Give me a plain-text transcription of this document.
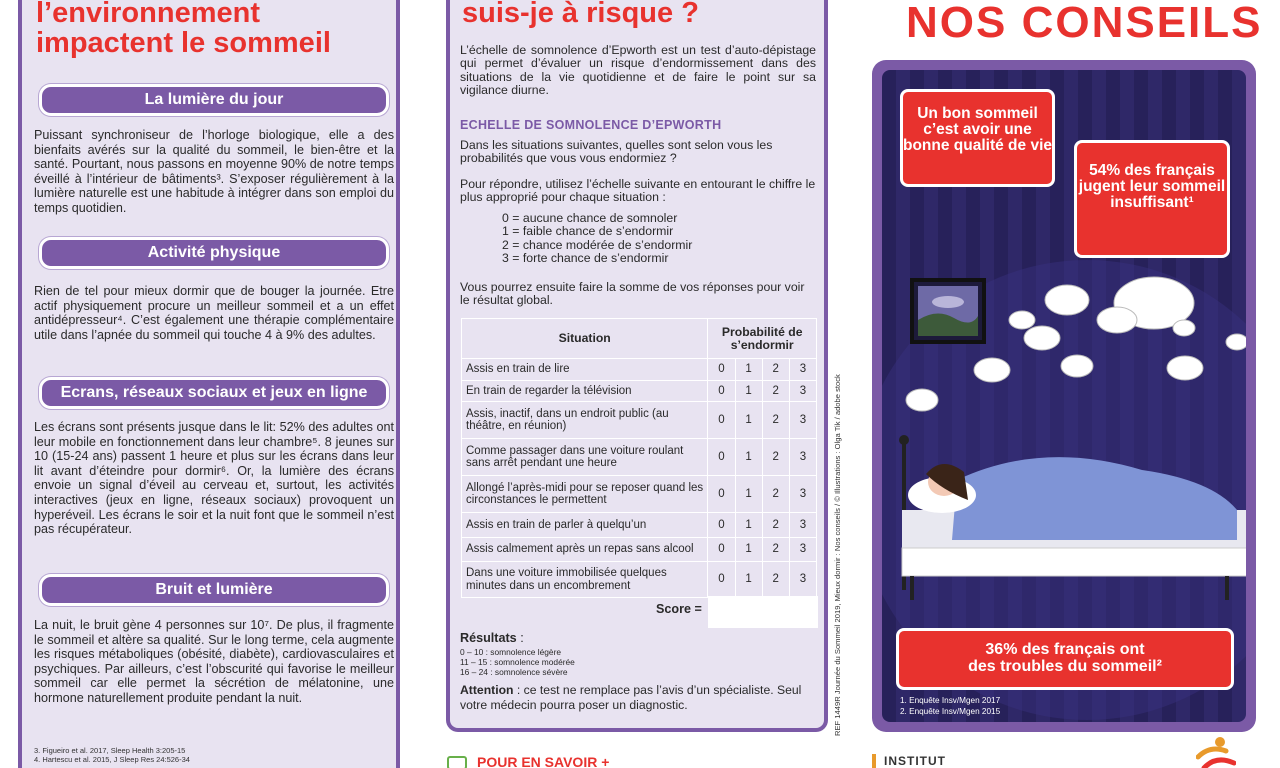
l’environnement
impactent le sommeil
La lumière du jour
Puissant synchroniseur de l’horloge biologique, elle a des bienfaits avérés sur la qualité du sommeil, le bien-être et la santé. Pourtant, nous passons en moyenne 90% de notre temps éveillé à l’intérieur de bâtiments³. S’exposer régulièrement à la lumière naturelle est une habitude à intégrer dans son emploi du temps quotidien.
Activité physique
Rien de tel pour mieux dormir que de bouger la journée. Etre actif physiquement procure un meilleur sommeil et a un effet antidépresseur⁴. C’est également une thérapie complémentaire utile dans l’apnée du sommeil qui touche 4 à 9% des adultes.
Ecrans, réseaux sociaux et jeux en ligne
Les écrans sont présents jusque dans le lit: 52% des adultes ont leur mobile en fonctionnement dans leur chambre⁵. 8 jeunes sur 10 (15-24 ans) passent 1 heure et plus sur les écrans dans leur lit avant d’éteindre pour dormir⁶. Or, la lumière des écrans envoie un signal d’éveil au cerveau et, surtout, les activités interactives (jeux en ligne, réseaux sociaux) provoquent un hyperéveil. Les écrans le soir et la nuit font que le sommeil n’est pas récupérateur.
Bruit et lumière
La nuit, le bruit gène 4 personnes sur 10⁷. De plus, il fragmente le sommeil et altère sa qualité. Sur le long terme, cela augmente les risques métaboliques (obésité, diabète), cardiovasculaires et psychiques. Par ailleurs, c’est l’obscurité qui favorise le meilleur sommeil car elle permet la sécrétion de mélatonine, une hormone naturellement produite pendant la nuit.
3. Figueiro et al. 2017, Sleep Health 3:205-15
4. Hartescu et al. 2015, J Sleep Res 24:526-34
suis-je à risque ?
L’échelle de somnolence d’Epworth est un test d’auto-dépistage qui permet d’évaluer un risque d’endormissement dans des situations de la vie quotidienne et de faire le point sur sa vigilance diurne.
ECHELLE DE SOMNOLENCE D’EPWORTH
Dans les situations suivantes, quelles sont selon vous les probabilités que vous vous endormiez ?
Pour répondre, utilisez l’échelle suivante en entourant le chiffre le plus approprié pour chaque situation :
0 = aucune chance de somnoler
1 = faible chance de s’endormir
2 = chance modérée de s’endormir
3 = forte chance de s’endormir
Vous pourrez ensuite faire la somme de vos réponses pour voir le résultat global.
Situation	Probabilité de
s’endormir			

Assis en train de lire	0	1	2	3
En train de regarder la télévision	0	1	2	3
Assis, inactif, dans un endroit public (au théâtre, en réunion)	0	1	2	3
Comme passager dans une voiture roulant sans arrêt pendant une heure	0	1	2	3
Allongé l’après-midi pour se reposer quand les circonstances le permettent	0	1	2	3
Assis en train de parler à quelqu’un	0	1	2	3
Assis calmement après un repas sans alcool	0	1	2	3
Dans une voiture immobilisée quelques minutes dans un encombrement	0	1	2	3
Score =
Résultats :
0 – 10 : somnolence légère
11 – 15 : somnolence modérée
16 – 24 : somnolence sévère
Attention : ce test ne remplace pas l’avis d’un spécialiste. Seul votre médecin pourra poser un diagnostic.	REF 1449R Journée du Sommeil 2019, Mieux dormir : Nos conseils / © Illustrations : Olga Tik / adobe stock
POUR EN SAVOIR +
NOS CONSEILS
Un bon sommeil c’est avoir une bonne qualité de vie
54% des français jugent leur sommeil insuffisant¹
36% des français ont
des troubles du sommeil²
1. Enquête Insv/Mgen 2017
2. Enquête Insv/Mgen 2015
INSTITUT
